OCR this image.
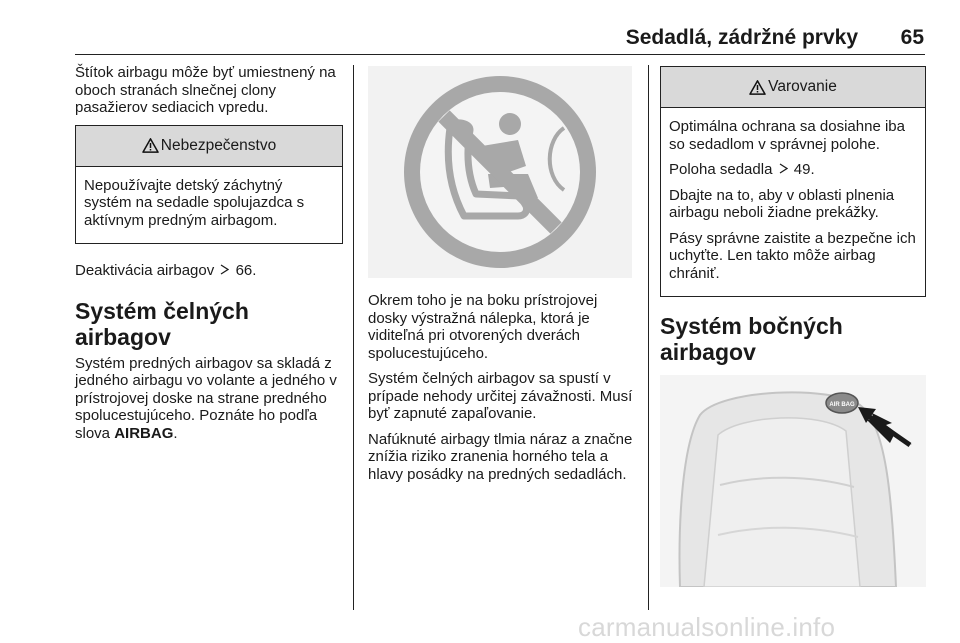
Sedadlá, zádržné prvky 65

Štítok airbagu môže byť umiestnený na oboch stranách slnečnej clony pasažierov sediacich vpredu.

Nebezpečenstvo

Nepoužívajte detský záchytný systém na sedadle spolujazdca s aktívnym predným airbagom.

Deaktivácia airbagov 66.

Systém čelných airbagov

Systém predných airbagov sa skladá z jedného airbagu vo volante a jedného v prístrojovej doske na strane predného spolucestujúceho. Poznáte ho podľa slova AIRBAG.

Okrem toho je na boku prístrojovej dosky výstražná nálepka, ktorá je viditeľná pri otvorených dverách spolucestujúceho.

Systém čelných airbagov sa spustí v prípade nehody určitej závažnosti. Musí byť zapnuté zapaľovanie.

Nafúknuté airbagy tlmia náraz a značne znížia riziko zranenia horného tela a hlavy posádky na predných sedadlách.

Varovanie

Optimálna ochrana sa dosiahne iba so sedadlom v správnej polohe.

Poloha sedadla 49.

Dbajte na to, aby v oblasti plnenia airbagu neboli žiadne prekážky.

Pásy správne zaistite a bezpečne ich uchyťte. Len takto môže airbag chrániť.

Systém bočných airbagov
AIR BAG
carmanualsonline.info
